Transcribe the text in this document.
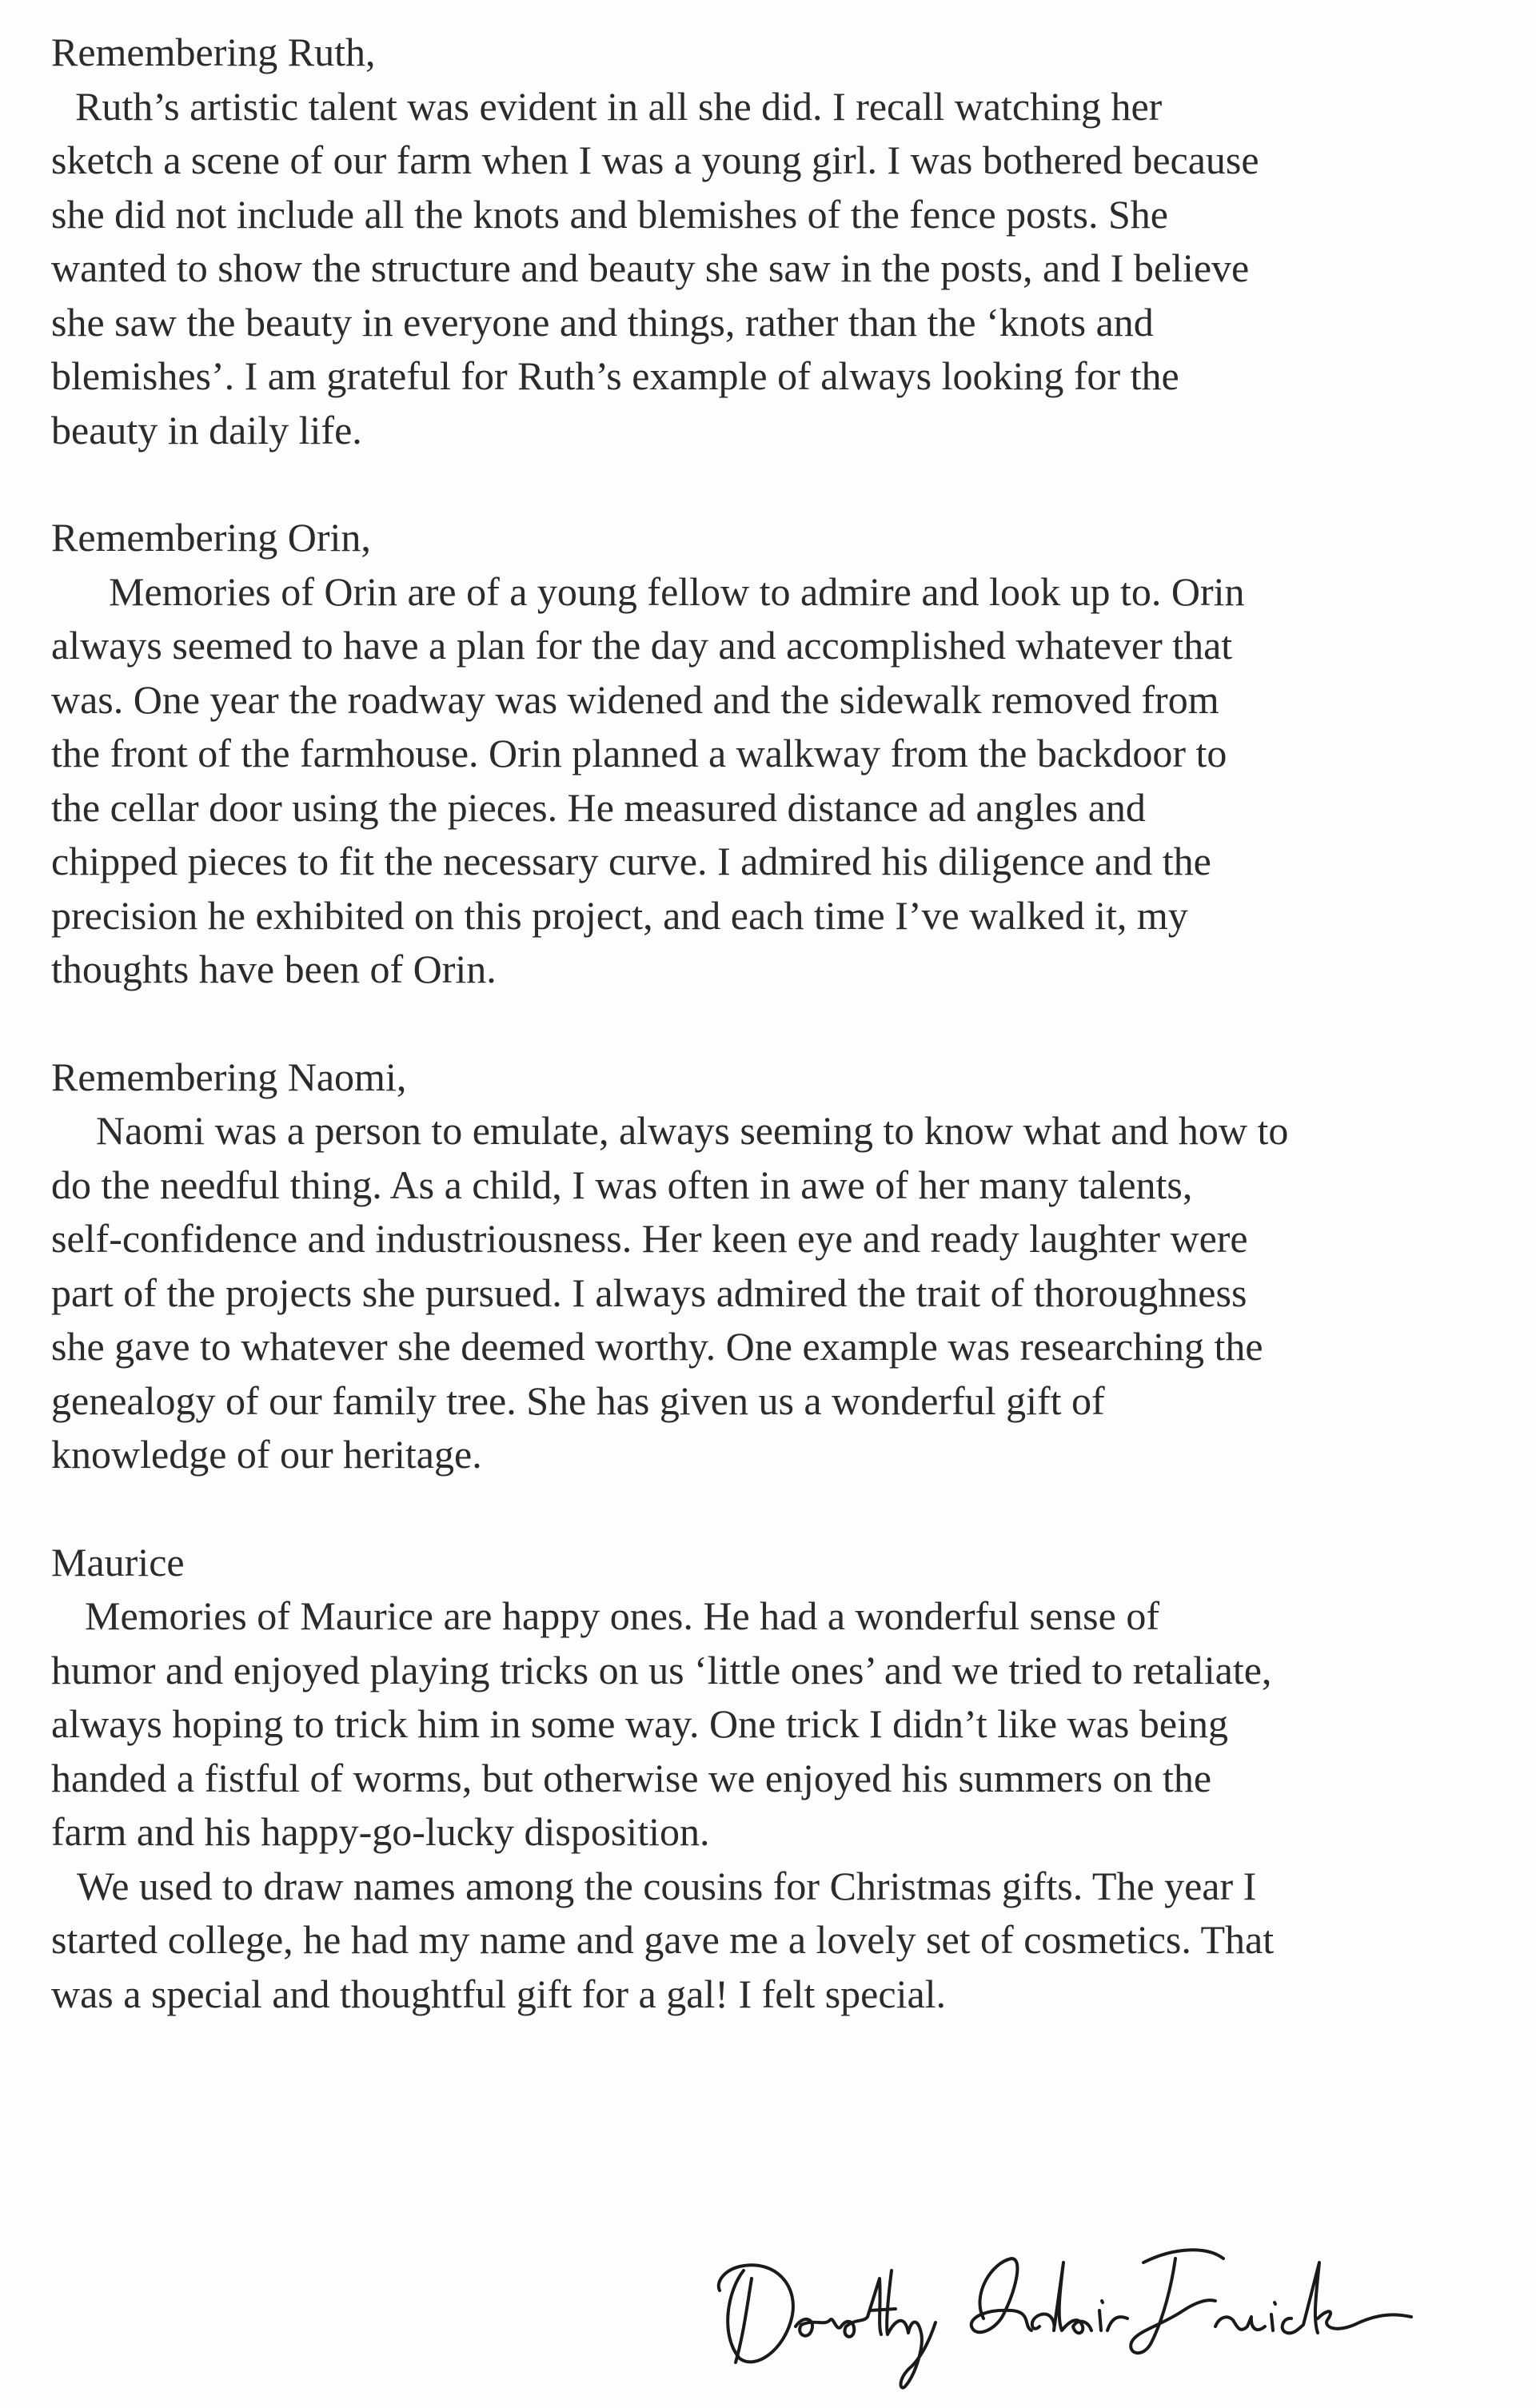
Remembering Ruth,
Ruth’s artistic talent was evident in all she did. I recall watching her
sketch a scene of our farm when I was a young girl. I was bothered because
she did not include all the knots and blemishes of the fence posts. She
wanted to show the structure and beauty she saw in the posts, and I believe
she saw the beauty in everyone and things, rather than the ‘knots and
blemishes’. I am grateful for Ruth’s example of always looking for the
beauty in daily life.
Remembering Orin,
Memories of Orin are of a young fellow to admire and look up to. Orin
always seemed to have a plan for the day and accomplished whatever that
was. One year the roadway was widened and the sidewalk removed from
the front of the farmhouse. Orin planned a walkway from the backdoor to
the cellar door using the pieces. He measured distance ad angles and
chipped pieces to fit the necessary curve. I admired his diligence and the
precision he exhibited on this project, and each time I’ve walked it, my
thoughts have been of Orin.
Remembering Naomi,
Naomi was a person to emulate, always seeming to know what and how to
do the needful thing. As a child, I was often in awe of her many talents,
self-confidence and industriousness. Her keen eye and ready laughter were
part of the projects she pursued. I always admired the trait of thoroughness
she gave to whatever she deemed worthy. One example was researching the
genealogy of our family tree. She has given us a wonderful gift of
knowledge of our heritage.
Maurice
Memories of Maurice are happy ones. He had a wonderful sense of
humor and enjoyed playing tricks on us ‘little ones’ and we tried to retaliate,
always hoping to trick him in some way. One trick I didn’t like was being
handed a fistful of worms, but otherwise we enjoyed his summers on the
farm and his happy-go-lucky disposition.
We used to draw names among the cousins for Christmas gifts. The year I
started college, he had my name and gave me a lovely set of cosmetics. That
was a special and thoughtful gift for a gal! I felt special.
